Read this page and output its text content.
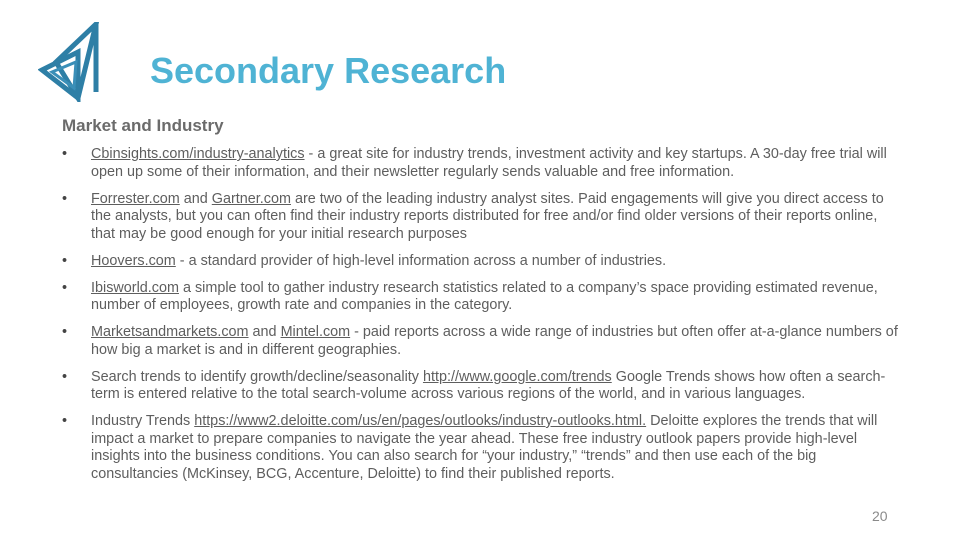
Secondary Research
Market and Industry
• Cbinsights.com/industry-analytics - a great site for industry trends, investment activity and key startups. A 30-day free trial will open up some of their information, and their newsletter regularly sends valuable and free information.
• Forrester.com and Gartner.com are two of the leading industry analyst sites. Paid engagements will give you direct access to the analysts, but you can often find their industry reports distributed for free and/or find older versions of their reports online, that may be good enough for your initial research purposes
• Hoovers.com - a standard provider of high-level information across a number of industries.
• Ibisworld.com a simple tool to gather industry research statistics related to a company’s space providing estimated revenue, number of employees, growth rate and companies in the category.
• Marketsandmarkets.com and Mintel.com - paid reports across a wide range of industries but often offer at-a-glance numbers of how big a market is and in different geographies.
• Search trends to identify growth/decline/seasonality http://www.google.com/trends Google Trends shows how often a search-term is entered relative to the total search-volume across various regions of the world, and in various languages.
• Industry Trends https://www2.deloitte.com/us/en/pages/outlooks/industry-outlooks.html. Deloitte explores the trends that will impact a market to prepare companies to navigate the year ahead. These free industry outlook papers provide high-level insights into the business conditions. You can also search for “your industry,” “trends” and then use each of the big consultancies (McKinsey, BCG, Accenture, Deloitte) to find their published reports.
20
